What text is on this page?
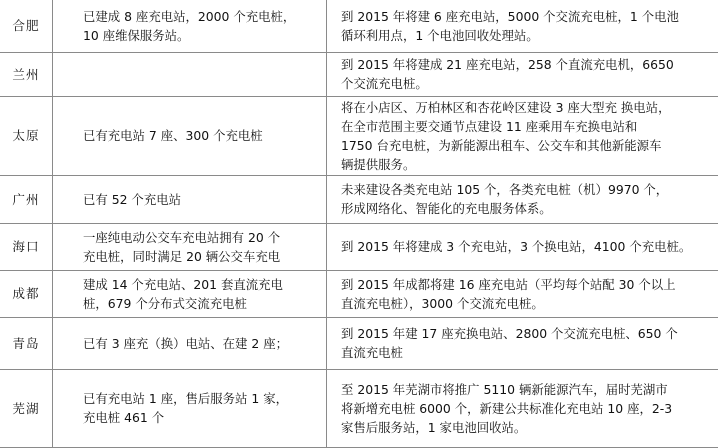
合肥	已建成 8 座充电站，2000 个充电桩，
10 座维保服务站。	到 2015 年将建 6 座充电站，5000 个交流充电桩，1 个电池
循环利用点，1 个电池回收处理站。
兰州		到 2015 年将建成 21 座充电站，258 个直流充电机，6650
个交流充电桩。
太原	已有充电站 7 座、300 个充电桩	将在小店区、万柏林区和杏花岭区建设 3 座大型充 换电站，
在全市范围主要交通节点建设 11 座乘用车充换电站和
1750 台充电桩，为新能源出租车、公交车和其他新能源车
辆提供服务。
广州	已有 52 个充电站	未来建设各类充电站 105 个，各类充电桩（机）9970 个，
形成网络化、智能化的充电服务体系。
海口	一座纯电动公交车充电站拥有 20 个
充电桩，同时满足 20 辆公交车充电	到 2015 年将建成 3 个充电站，3 个换电站，4100 个充电桩。
成都	建成 14 个充电站、201 套直流充电
桩，679 个分布式交流充电桩	到 2015 年成都将建 16 座充电站（平均每个站配 30 个以上
直流充电桩），3000 个交流充电桩。
青岛	已有 3 座充（换）电站、在建 2 座；	到 2015 年建 17 座充换电站、2800 个交流充电桩、650 个
直流充电桩
芜湖	已有充电站 1 座，售后服务站 1 家，
充电桩 461 个	至 2015 年芜湖市将推广 5110 辆新能源汽车，届时芜湖市
将新增充电桩 6000 个，新建公共标准化充电站 10 座，2-3
家售后服务站，1 家电池回收站。
